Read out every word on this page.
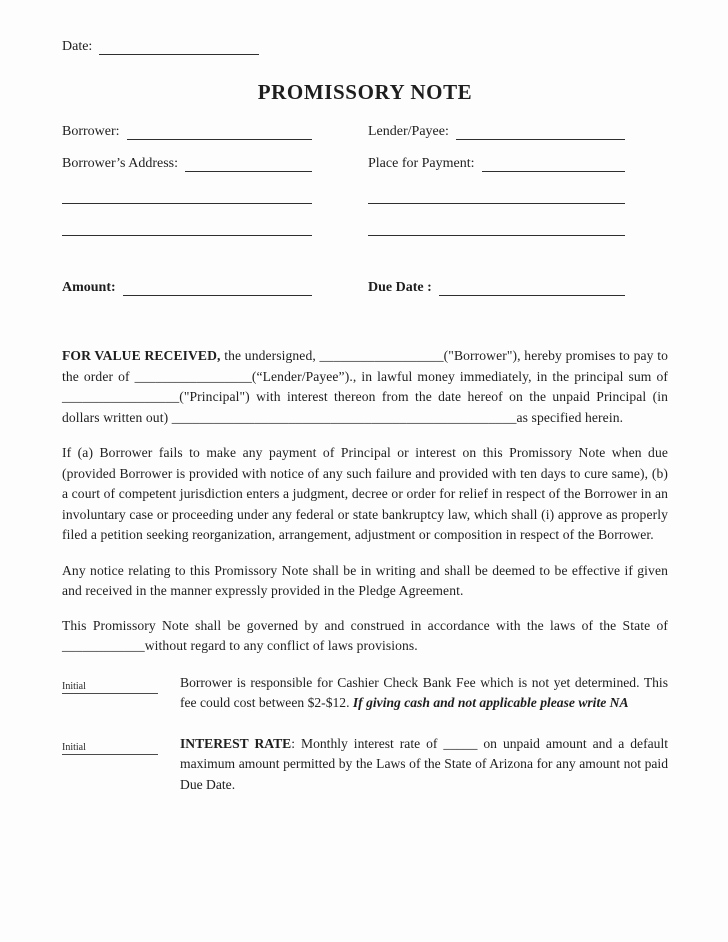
Date:
PROMISSORY NOTE
Borrower:	Lender/Payee:
Borrower’s Address:	Place for Payment:
Amount:	Due Date :

FOR VALUE RECEIVED, the undersigned, __________________("Borrower"), hereby promises to pay to the order of _________________(“Lender/Payee”)., in lawful money immediately, in the principal sum of _________________("Principal") with interest thereon from the date hereof on the unpaid Principal (in dollars written out) __________________________________________________as specified herein.

If (a) Borrower fails to make any payment of Principal or interest on this Promissory Note when due (provided Borrower is provided with notice of any such failure and provided with ten days to cure same), (b) a court of competent jurisdiction enters a judgment, decree or order for relief in respect of the Borrower in an involuntary case or proceeding under any federal or state bankruptcy law, which shall (i) approve as properly filed a petition seeking reorganization, arrangement, adjustment or composition in respect of the Borrower.

Any notice relating to this Promissory Note shall be in writing and shall be deemed to be effective if given and received in the manner expressly provided in the Pledge Agreement.

This Promissory Note shall be governed by and construed in accordance with the laws of the State of ____________without regard to any conflict of laws provisions.

Initial	Borrower is responsible for Cashier Check Bank Fee which is not yet determined. This fee could cost between $2-$12. If giving cash and not applicable please write NA
Initial	INTEREST RATE: Monthly interest rate of _____ on unpaid amount and a default maximum amount permitted by the Laws of the State of Arizona for any amount not paid Due Date.
